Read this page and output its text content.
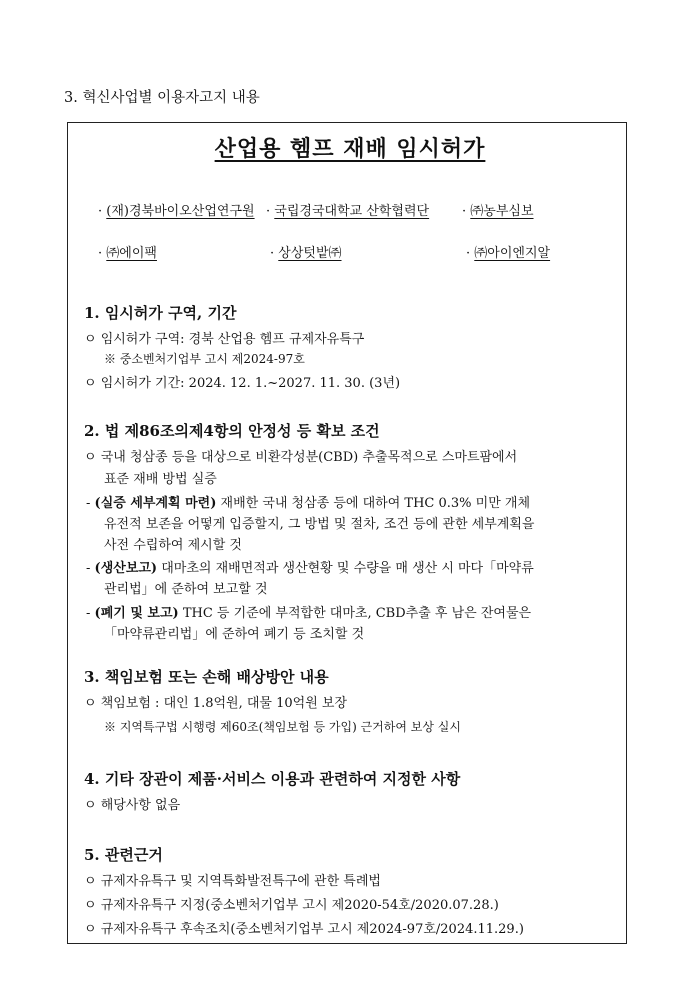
3. 혁신사업별 이용자고지 내용
산업용 헴프 재배 임시허가
· (재)경북바이오산업연구원 · 국립경국대학교 산학협력단	· ㈜농부심보
· ㈜에이팩	· 상상텃밭㈜	· ㈜아이엔지알
1. 임시허가 구역, 기간
ㅇ 임시허가 구역: 경북 산업용 헴프 규제자유특구
※ 중소벤처기업부 고시 제2024-97호
ㅇ 임시허가 기간: 2024. 12. 1.~2027. 11. 30. (3년)
2. 법 제86조의제4항의 안정성 등 확보 조건
ㅇ 국내 청삼종 등을 대상으로 비환각성분(CBD) 추출목적으로 스마트팜에서
표준 재배 방법 실증
- (실증 세부계획 마련) 재배한 국내 청삼종 등에 대하여 THC 0.3% 미만 개체
유전적 보존을 어떻게 입증할지, 그 방법 및 절차, 조건 등에 관한 세부계획을
사전 수립하여 제시할 것
- (생산보고) 대마초의 재배면적과 생산현황 및 수량을 매 생산 시 마다「마약류
관리법」에 준하여 보고할 것
- (폐기 및 보고) THC 등 기준에 부적합한 대마초, CBD추출 후 남은 잔여물은
「마약류관리법」에 준하여 폐기 등 조치할 것
3. 책임보험 또는 손해 배상방안 내용
ㅇ 책임보험 : 대인 1.8억원, 대물 10억원 보장
※ 지역특구법 시행령 제60조(책임보험 등 가입) 근거하여 보상 실시
4. 기타 장관이 제품·서비스 이용과 관련하여 지정한 사항
ㅇ 해당사항 없음
5. 관련근거
ㅇ 규제자유특구 및 지역특화발전특구에 관한 특례법
ㅇ 규제자유특구 지정(중소벤처기업부 고시 제2020-54호/2020.07.28.)
ㅇ 규제자유특구 후속조치(중소벤처기업부 고시 제2024-97호/2024.11.29.)
